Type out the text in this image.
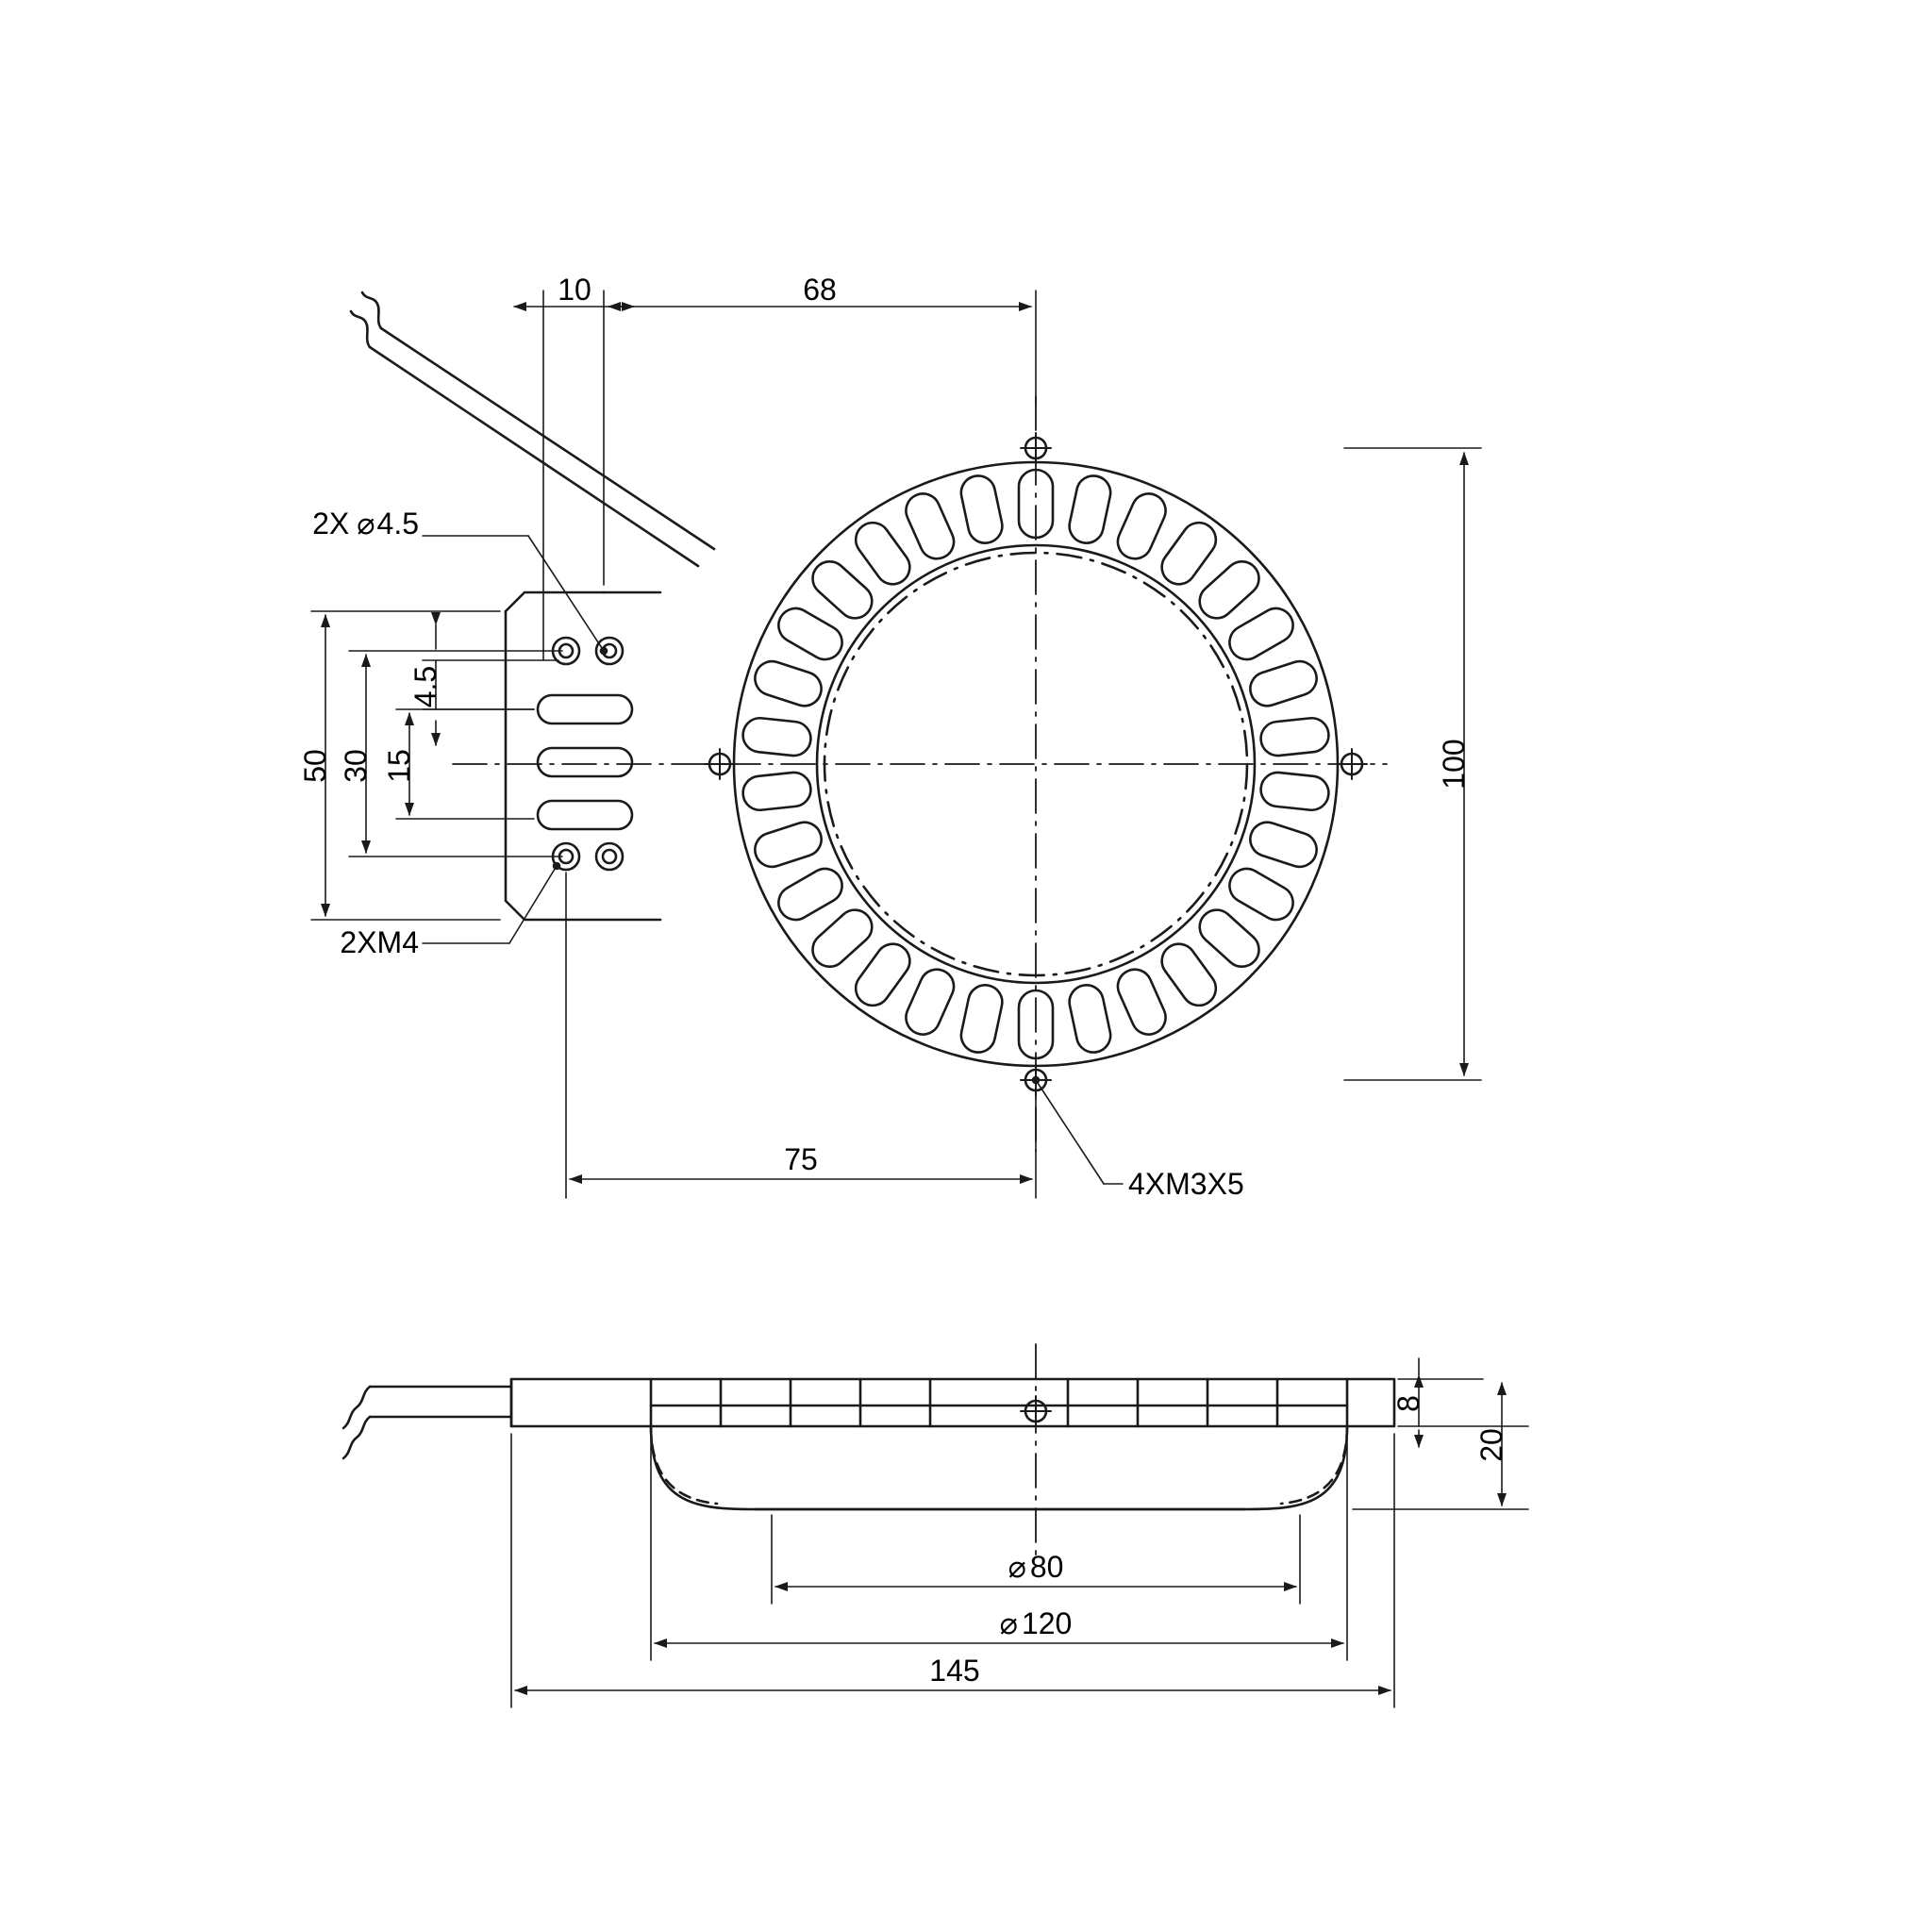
10	68
100
75
50 30 15
4.5
2X ⌀4.5
2XM4
4XM3X5
8
20
⌀ 80
⌀ 120
145
